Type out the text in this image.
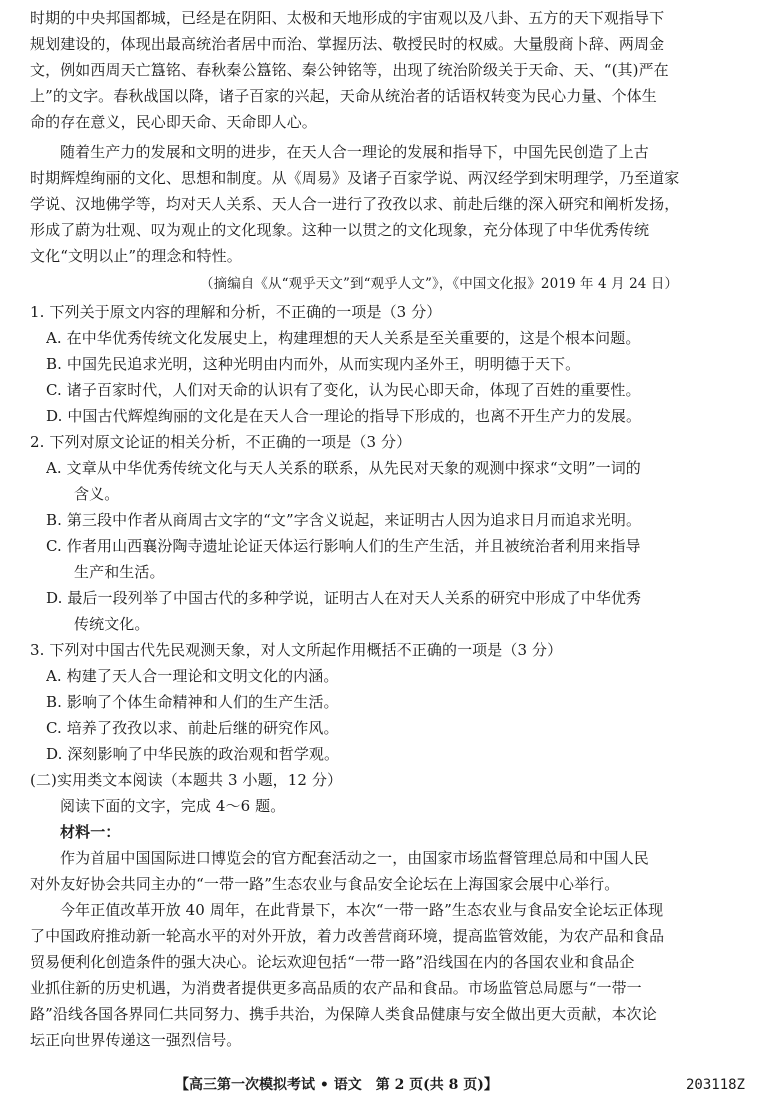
时期的中央邦国都城，已经是在阴阳、太极和天地形成的宇宙观以及八卦、五方的天下观指导下
规划建设的，体现出最高统治者居中而治、掌握历法、敬授民时的权威。大量殷商卜辞、两周金
文，例如西周天亡簋铭、春秋秦公簋铭、秦公钟铭等，出现了统治阶级关于天命、天、“(其)严在
上”的文字。春秋战国以降，诸子百家的兴起，天命从统治者的话语权转变为民心力量、个体生
命的存在意义，民心即天命、天命即人心。
随着生产力的发展和文明的进步，在天人合一理论的发展和指导下，中国先民创造了上古
时期辉煌绚丽的文化、思想和制度。从《周易》及诸子百家学说、两汉经学到宋明理学，乃至道家
学说、汉地佛学等，均对天人关系、天人合一进行了孜孜以求、前赴后继的深入研究和阐析发扬，
形成了蔚为壮观、叹为观止的文化现象。这种一以贯之的文化现象，充分体现了中华优秀传统
文化“文明以止”的理念和特性。
（摘编自《从“观乎天文”到“观乎人文”》，《中国文化报》2019 年 4 月 24 日）
1. 下列关于原文内容的理解和分析，不正确的一项是（3 分）
A. 在中华优秀传统文化发展史上，构建理想的天人关系是至关重要的，这是个根本问题。
B. 中国先民追求光明，这种光明由内而外，从而实现内圣外王，明明德于天下。
C. 诸子百家时代，人们对天命的认识有了变化，认为民心即天命，体现了百姓的重要性。
D. 中国古代辉煌绚丽的文化是在天人合一理论的指导下形成的，也离不开生产力的发展。
2. 下列对原文论证的相关分析，不正确的一项是（3 分）
A. 文章从中华优秀传统文化与天人关系的联系，从先民对天象的观测中探求“文明”一词的
含义。
B. 第三段中作者从商周古文字的“文”字含义说起，来证明古人因为追求日月而追求光明。
C. 作者用山西襄汾陶寺遗址论证天体运行影响人们的生产生活，并且被统治者利用来指导
生产和生活。
D. 最后一段列举了中国古代的多种学说，证明古人在对天人关系的研究中形成了中华优秀
传统文化。
3. 下列对中国古代先民观测天象，对人文所起作用概括不正确的一项是（3 分）
A. 构建了天人合一理论和文明文化的内涵。
B. 影响了个体生命精神和人们的生产生活。
C. 培养了孜孜以求、前赴后继的研究作风。
D. 深刻影响了中华民族的政治观和哲学观。
(二)实用类文本阅读（本题共 3 小题，12 分）
阅读下面的文字，完成 4～6 题。
材料一：
作为首届中国国际进口博览会的官方配套活动之一，由国家市场监督管理总局和中国人民
对外友好协会共同主办的“一带一路”生态农业与食品安全论坛在上海国家会展中心举行。
今年正值改革开放 40 周年，在此背景下，本次“一带一路”生态农业与食品安全论坛正体现
了中国政府推动新一轮高水平的对外开放，着力改善营商环境，提高监管效能，为农产品和食品
贸易便利化创造条件的强大决心。论坛欢迎包括“一带一路”沿线国在内的各国农业和食品企
业抓住新的历史机遇，为消费者提供更多高品质的农产品和食品。市场监管总局愿与“一带一
路”沿线各国各界同仁共同努力、携手共治，为保障人类食品健康与安全做出更大贡献，本次论
坛正向世界传递这一强烈信号。
【高三第一次模拟考试 • 语文　第 2 页(共 8 页)】	203118Z
